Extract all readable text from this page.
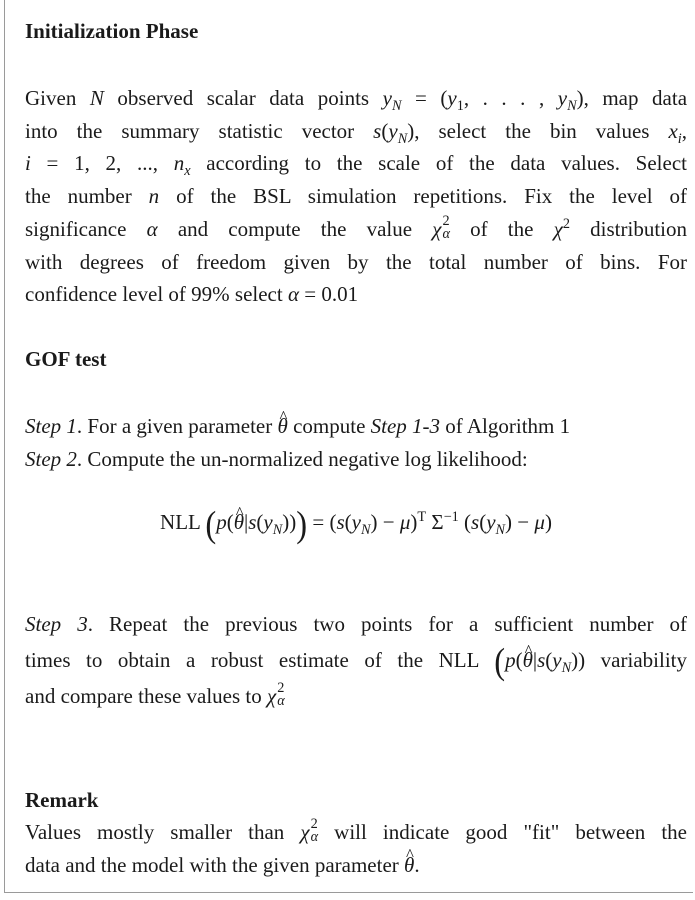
Initialization Phase
Given N observed scalar data points $y_N = (y_1$, . . . , $y_N$), map data
into the summary statistic vector $s(y_N)$, select the bin values $x_i$,
i = 1, 2, ..., $n_x$ according to the scale of the data values. Select
the number n of the BSL simulation repetitions. Fix the level of
significance α and compute the value χ 2
α of the $\chi^2$ distribution
with degrees of freedom given by the total number of bins. For
confidence level of 99% select α = 0.01
GOF test
Step 1. For a given parameter ^ θ compute Step 1-3 of Algorithm 1
Step 2. Compute the un-normalized negative log likelihood:
NLL (p(^ $\theta|s(y_N))) = (s(y_N) - \mu)^T$ $\Sigma^{-1}$ $(s(y_N) - \mu)$
Step 3. Repeat the previous two points for a sufficient number of
times to obtain a robust estimate of the NLL (p(^ $\theta|s(y_N)$) variability
and compare these values to χ 2
α
Remark
Values mostly smaller than χ 2
α will indicate good "fit" between the
data and the model with the given parameter ^ θ.
